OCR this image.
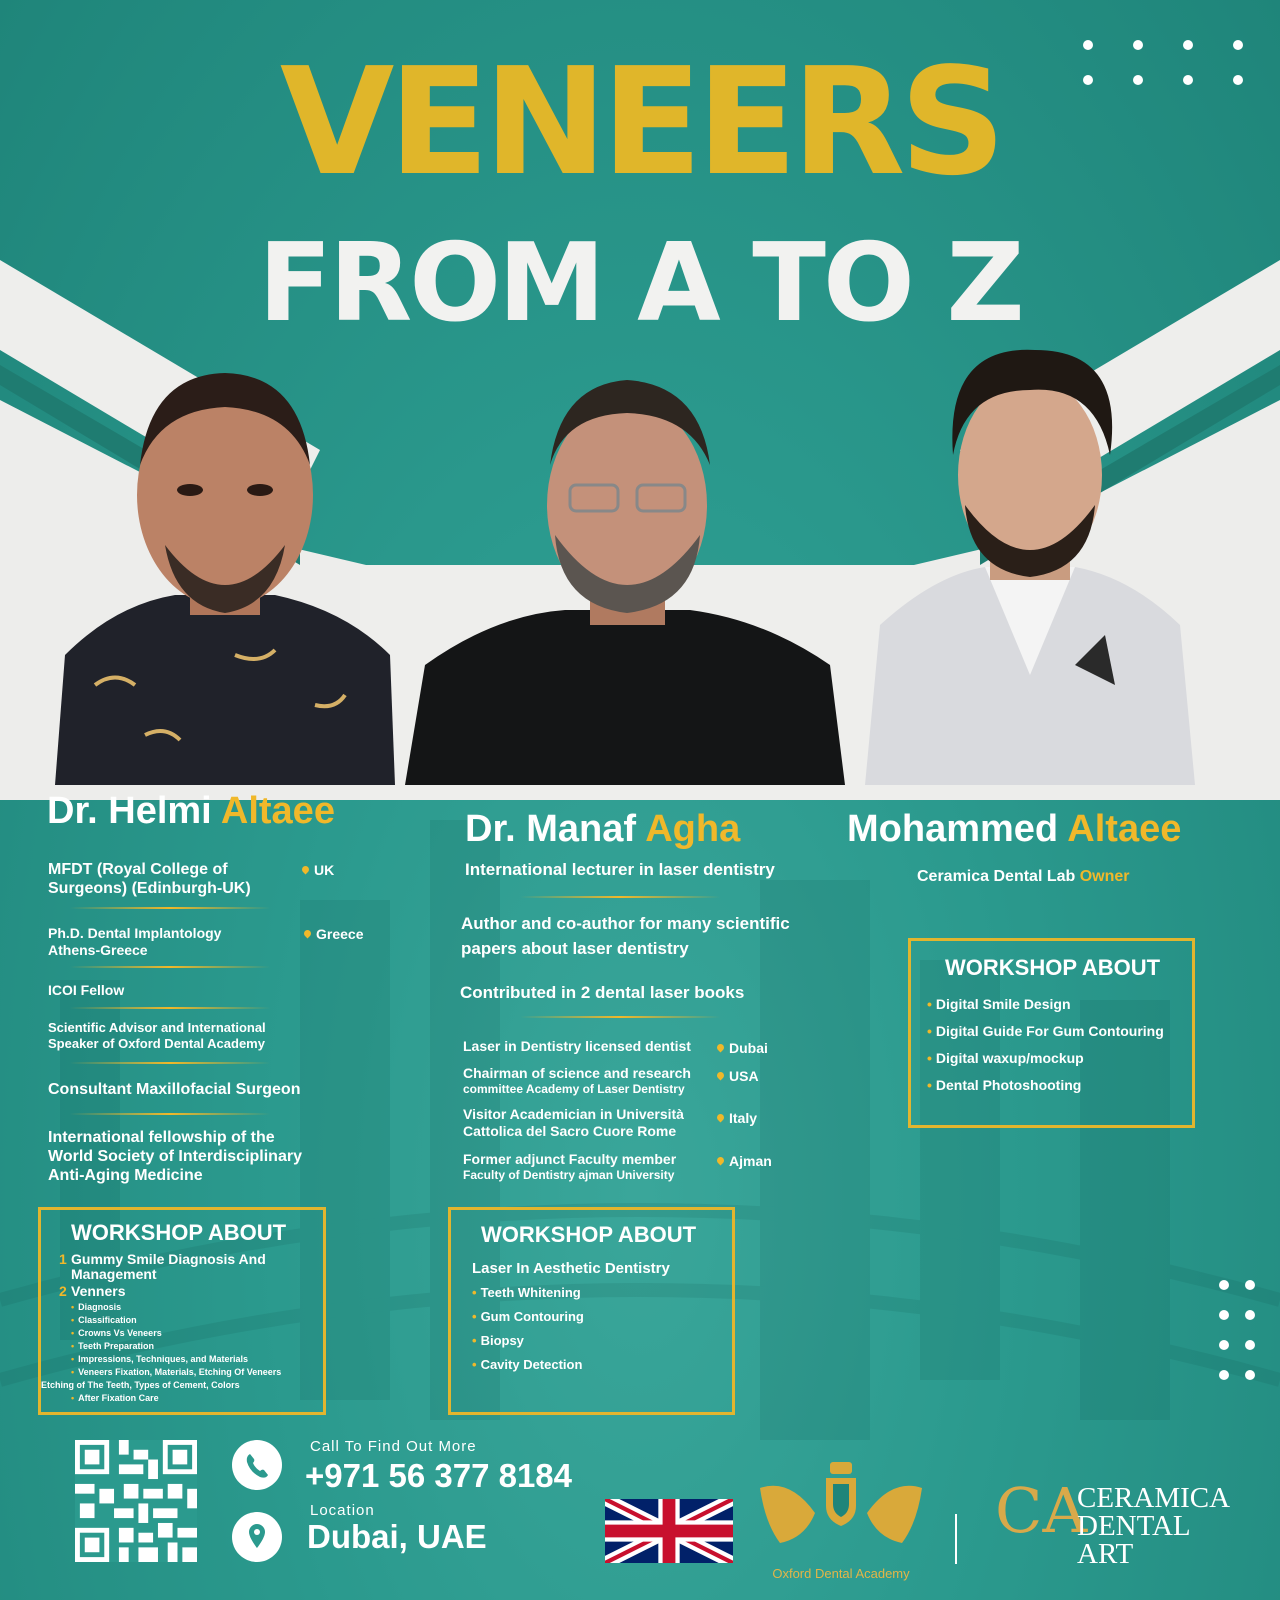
VENEERS
FROM A TO Z
Dr. Helmi Altaee
MFDT (Royal College of Surgeons) (Edinburgh-UK)
UK
Ph.D. Dental Implantology Athens-Greece
Greece
ICOI Fellow
Scientific Advisor and International Speaker of Oxford Dental Academy
Consultant Maxillofacial Surgeon
International fellowship of the World Society of Interdisciplinary Anti-Aging Medicine
WORKSHOP ABOUT
1 Gummy Smile Diagnosis And Management
2 Venners
• Diagnosis
• Classification
• Crowns Vs Veneers
• Teeth Preparation
• Impressions, Techniques, and Materials
• Veneers Fixation, Materials, Etching Of Veneers
Etching of The Teeth, Types of Cement, Colors
• After Fixation Care
Dr. Manaf Agha
International lecturer in laser dentistry
Author and co-author for many scientific papers about laser dentistry
Contributed in 2 dental laser books
Laser in Dentistry licensed dentist	Dubai
Chairman of science and research
committee Academy of Laser Dentistry
USA
Visitor Academician in Università
Cattolica del Sacro Cuore Rome
Italy
Former adjunct Faculty member
Faculty of Dentistry ajman University
Ajman
WORKSHOP ABOUT
Laser In Aesthetic Dentistry
• Teeth Whitening
• Gum Contouring
• Biopsy
• Cavity Detection
Mohammed Altaee
Ceramica Dental Lab Owner
WORKSHOP ABOUT
• Digital Smile Design
• Digital Guide For Gum Contouring
• Digital waxup/mockup
• Dental Photoshooting
Call To Find Out More
+971 56 377 8184
Location
Dubai, UAE
Oxford Dental Academy
CA
CERAMICA
DENTAL
ART
